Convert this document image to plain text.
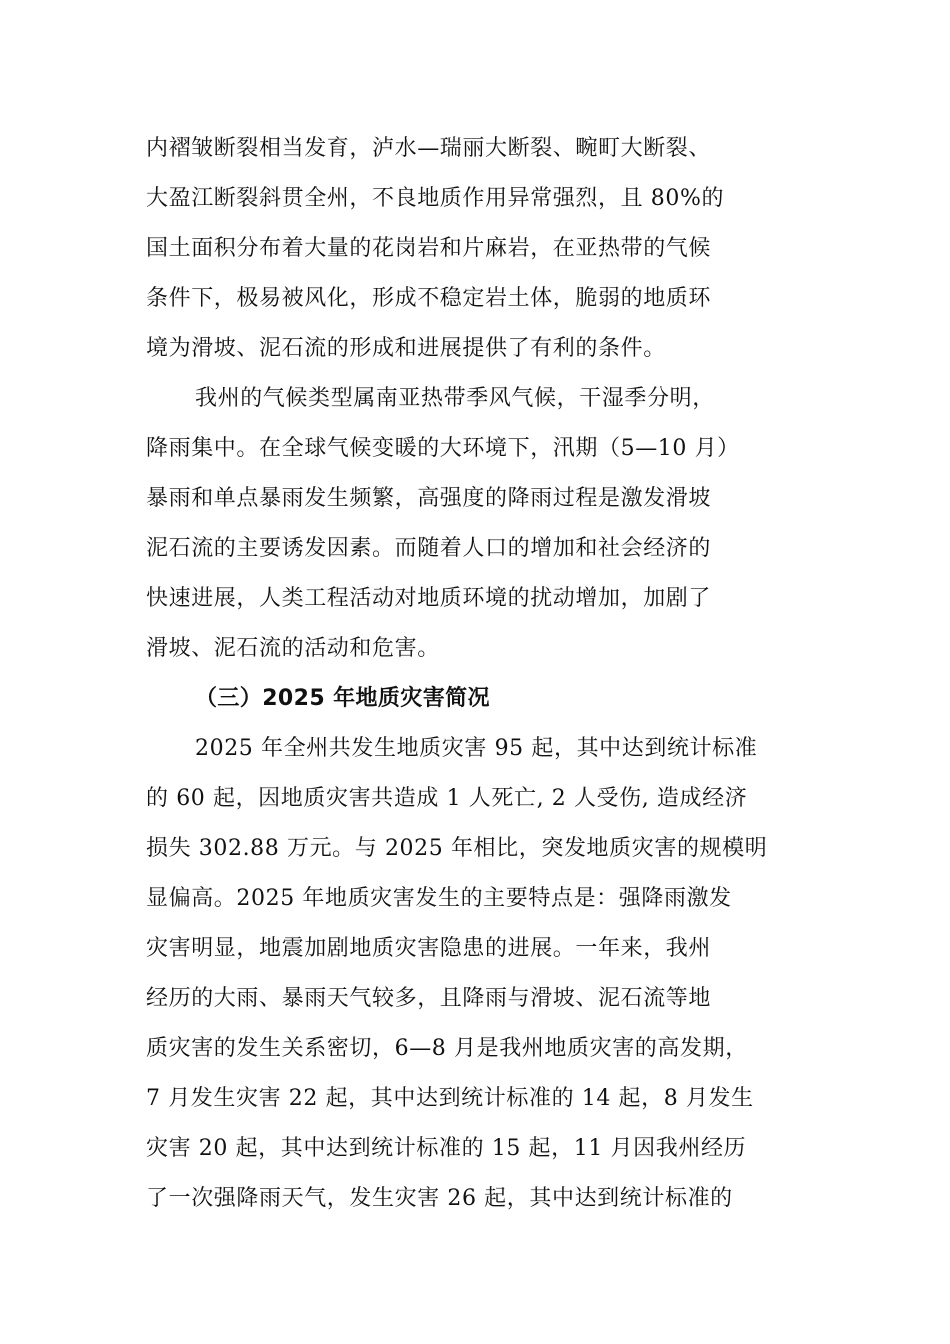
内褶皱断裂相当发育，泸水—瑞丽大断裂、畹町大断裂、
大盈江断裂斜贯全州，不良地质作用异常强烈，且 80%的
国土面积分布着大量的花岗岩和片麻岩，在亚热带的气候
条件下，极易被风化，形成不稳定岩土体，脆弱的地质环
境为滑坡、泥石流的形成和进展提供了有利的条件。
我州的气候类型属南亚热带季风气候，干湿季分明，
降雨集中。在全球气候变暖的大环境下，汛期（5—10 月）
暴雨和单点暴雨发生频繁，高强度的降雨过程是激发滑坡
泥石流的主要诱发因素。而随着人口的增加和社会经济的
快速进展，人类工程活动对地质环境的扰动增加，加剧了
滑坡、泥石流的活动和危害。
（三）2025 年地质灾害简况
2025 年全州共发生地质灾害 95 起，其中达到统计标准
的 60 起，因地质灾害共造成 1 人死亡, 2 人受伤, 造成经济
损失 302.88 万元。与 2025 年相比，突发地质灾害的规模明
显偏高。2025 年地质灾害发生的主要特点是：强降雨激发
灾害明显，地震加剧地质灾害隐患的进展。一年来，我州
经历的大雨、暴雨天气较多，且降雨与滑坡、泥石流等地
质灾害的发生关系密切，6—8 月是我州地质灾害的高发期，
7 月发生灾害 22 起，其中达到统计标准的 14 起，8 月发生
灾害 20 起，其中达到统计标准的 15 起，11 月因我州经历
了一次强降雨天气，发生灾害 26 起，其中达到统计标准的
